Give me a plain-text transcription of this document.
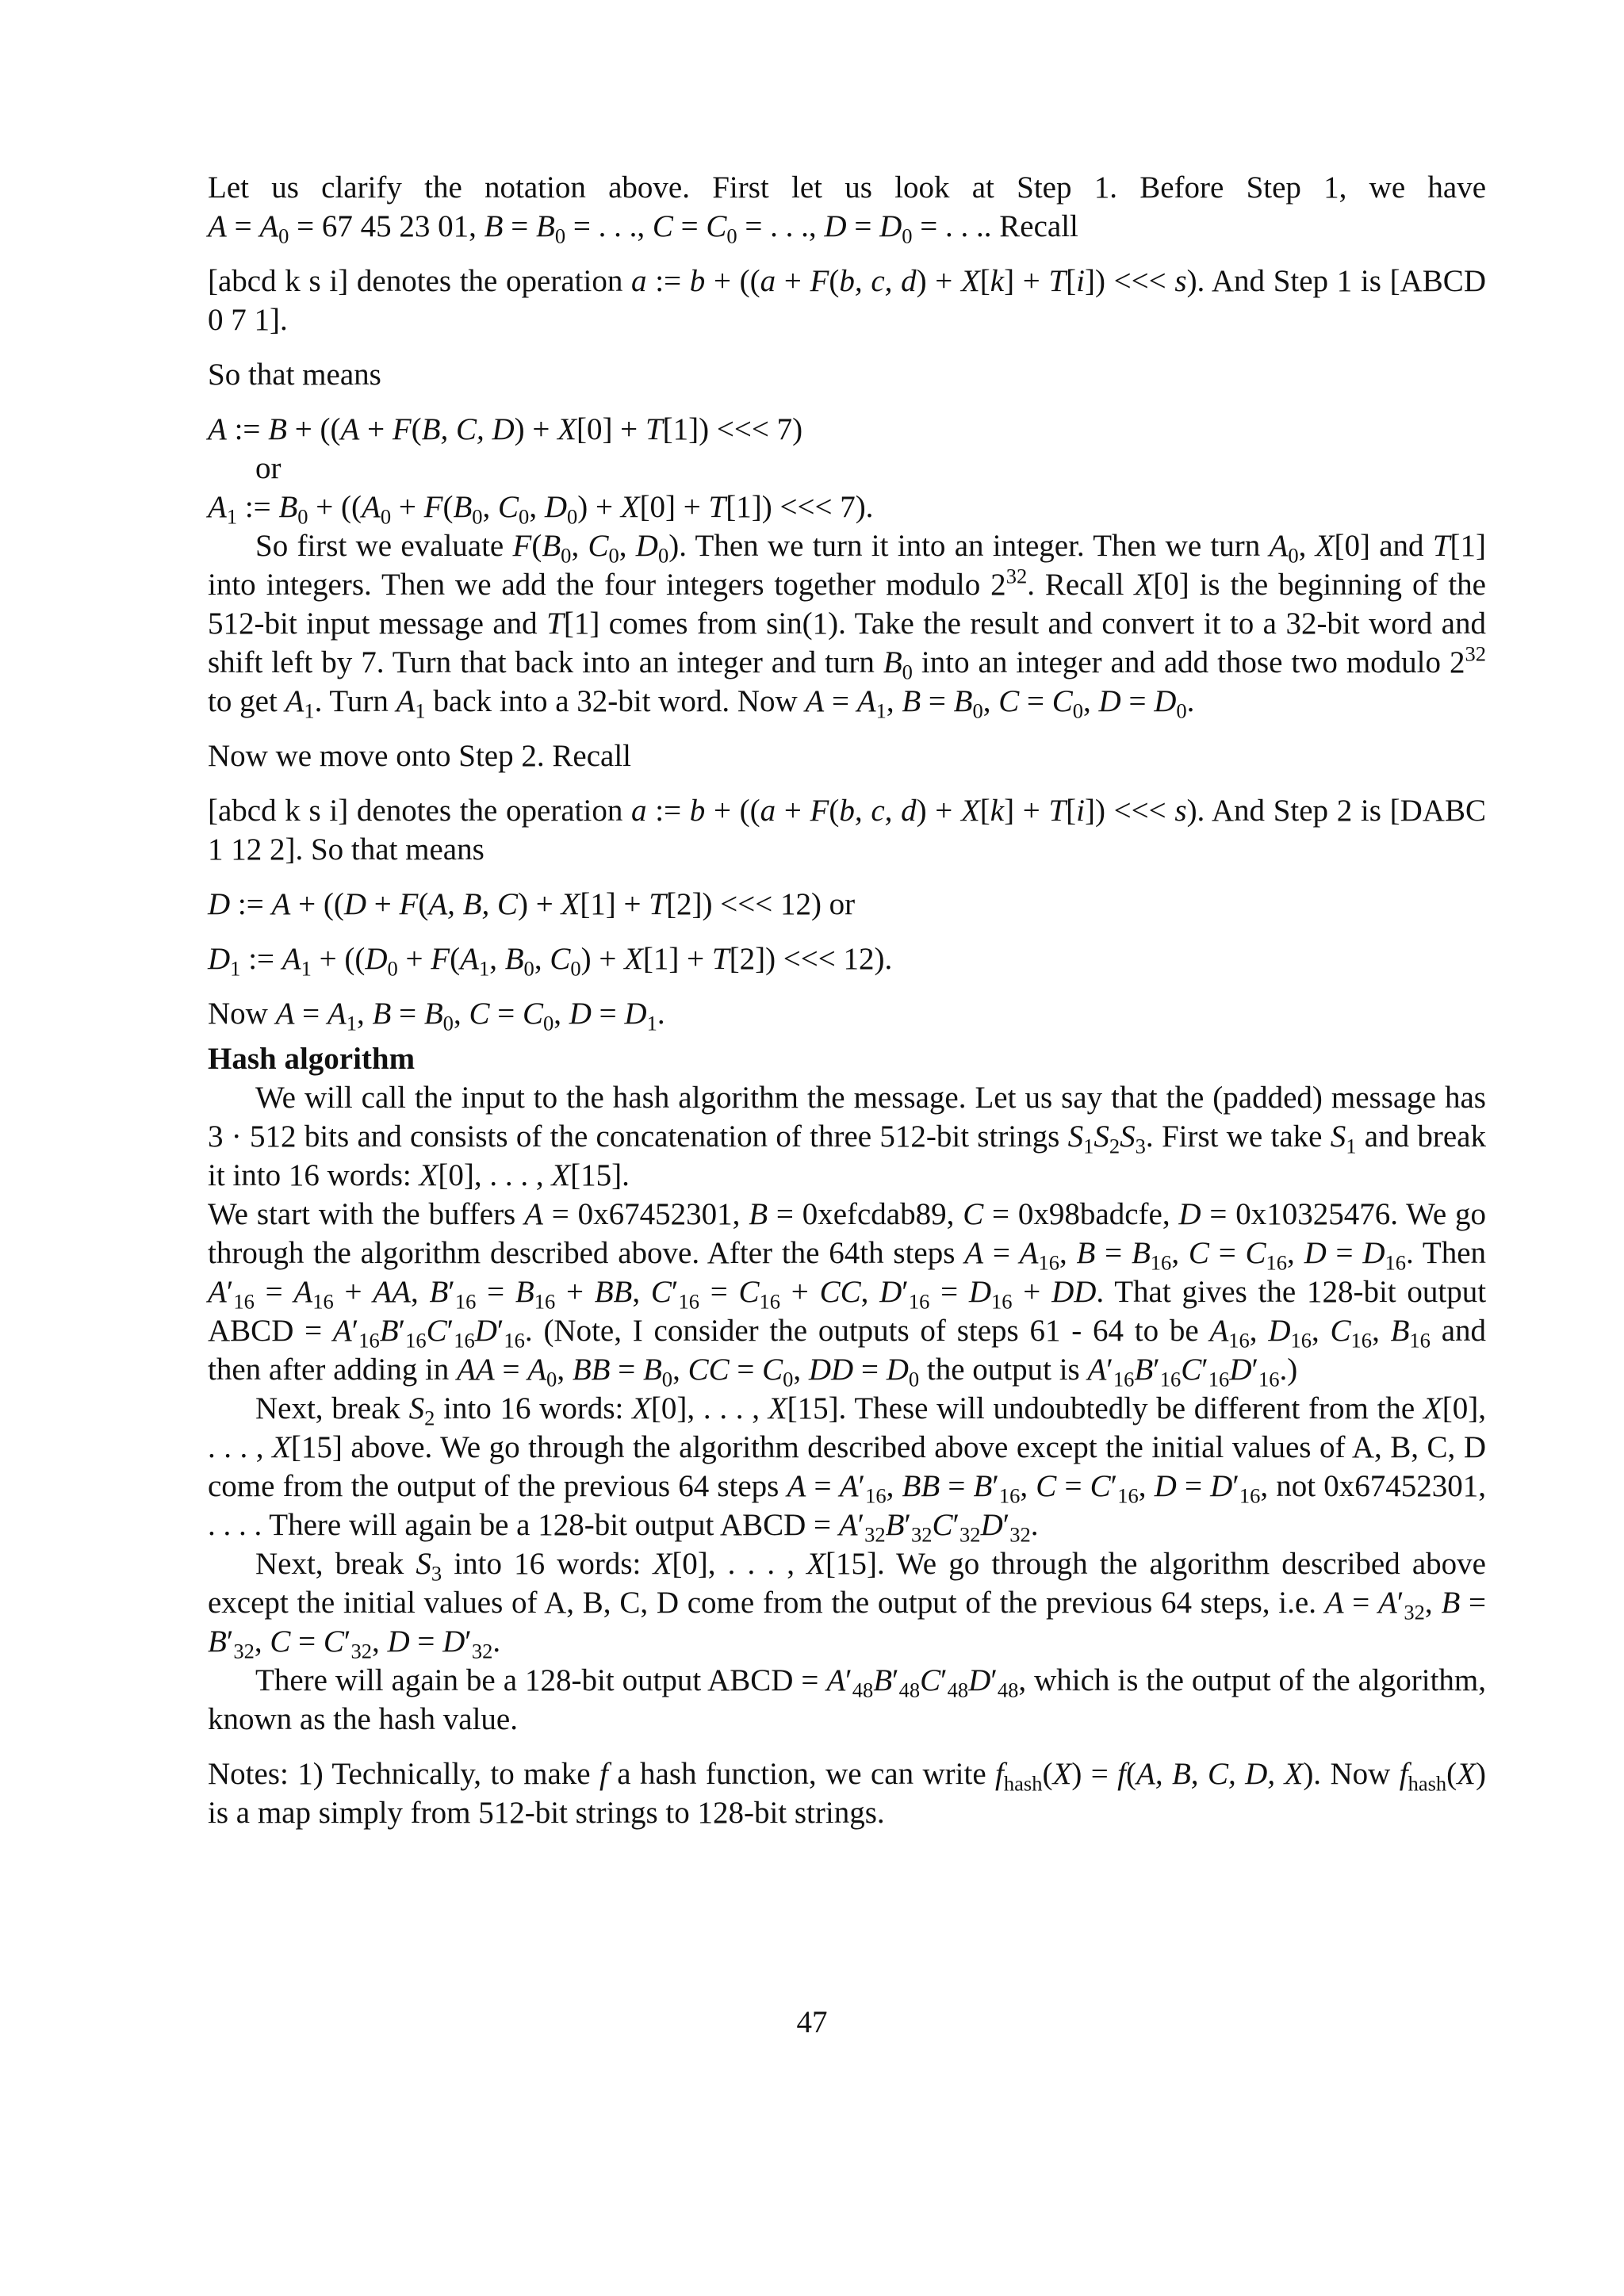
Let us clarify the notation above. First let us look at Step 1. Before Step 1, we have

$A = A_0 = 67$ 45 23 01, $B = B_0$ = . . ., $C = C_0$ = . . ., $D = D_0$ = . . .. Recall

[abcd k s i] denotes the operation a := b + ((a + F(b, c, d) + X[k] + T[i]) <<< s). And Step 1 is [ABCD 0 7 1].

So that means

A := B + ((A + F(B, C, D) + X[0] + T[1]) <<< 7)

or

$A_1$ := $B_0 + ((A_0 + F(B_0$, $C_0$, $D_0) + X[0] + T[1]$) <<< 7).

So first we evaluate $F(B_0$, $C_0$, $D_0$). Then we turn it into an integer. Then we turn $A_0$, X[0] and T[1] into integers. Then we add the four integers together modulo $2^{32}$. Recall X[0] is the beginning of the 512-bit input message and T[1] comes from sin(1). Take the result and convert it to a 32-bit word and shift left by 7. Turn that back into an integer and turn $B_0$ into an integer and add those two modulo $2^{32}$ to get $A_1$. Turn $A_1$ back into a 32-bit word. Now $A = A_1$, $B = B_0$, $C = C_0$, $D = D_0$.

Now we move onto Step 2. Recall

[abcd k s i] denotes the operation a := b + ((a + F(b, c, d) + X[k] + T[i]) <<< s). And Step 2 is [DABC 1 12 2]. So that means

D := A + ((D + F(A, B, C) + X[1] + T[2]) <<< 12) or

$D_1$ := $A_1 + ((D_0 + F(A_1$, $B_0$, $C_0) + X[1] + T[2]$) <<< 12).

Now $A = A_1$, $B = B_0$, $C = C_0$, $D = D_1$.

Hash algorithm

We will call the input to the hash algorithm the message. Let us say that the (padded) message has 3 · 512 bits and consists of the concatenation of three 512-bit strings $S_1S_2S_3$. First we take $S_1$ and break it into 16 words: X[0], . . . , X[15].

We start with the buffers A = 0x67452301, B = 0xefcdab89, C = 0x98badcfe, D = 0x10325476. We go through the algorithm described above. After the 64th steps $A = A_{16}$, $B = B_{16}$, $C = C_{16}$, $D = D_{16}$. Then $A'_{16} = A_{16}$ + AA, $B'_{16} = B_{16}$ + BB, $C'_{16} = C_{16}$ + CC, $D'_{16} = D_{16}$ + DD. That gives the 128-bit output ABCD = $A'_{16}B'_{16}C'_{16}D'_{16}$. (Note, I consider the outputs of steps 61 - 64 to be $A_{16}$, $D_{16}$, $C_{16}$, $B_{16}$ and then after adding in AA = $A_0$, BB = $B_0$, CC = $C_0$, DD = $D_0$ the output is $A'_{16}B'_{16}C'_{16}D'_{16}$.)

Next, break $S_2$ into 16 words: X[0], . . . , X[15]. These will undoubtedly be different from the X[0], . . . , X[15] above. We go through the algorithm described above except the initial values of A, B, C, D come from the output of the previous 64 steps $A = A'_{16}$, BB = $B'_{16}$, $C = C'_{16}$, $D = D'_{16}$, not 0x67452301, . . . . There will again be a 128-bit output ABCD = $A'_{32}B'_{32}C'_{32}D'_{32}$.

Next, break $S_3$ into 16 words: X[0], . . . , X[15]. We go through the algorithm described above except the initial values of A, B, C, D come from the output of the previous 64 steps, i.e. $A = A'_{32}$, $B = B'_{32}$, $C = C'_{32}$, $D = D'_{32}$.

There will again be a 128-bit output ABCD = $A'_{48}B'_{48}C'_{48}D'_{48}$, which is the output of the algorithm, known as the hash value.

Notes: 1) Technically, to make f a hash function, we can write $f_{hash}(X) = f(A$, B, C, D, X). Now $f_{hash}(X)$ is a map simply from 512-bit strings to 128-bit strings.

47
